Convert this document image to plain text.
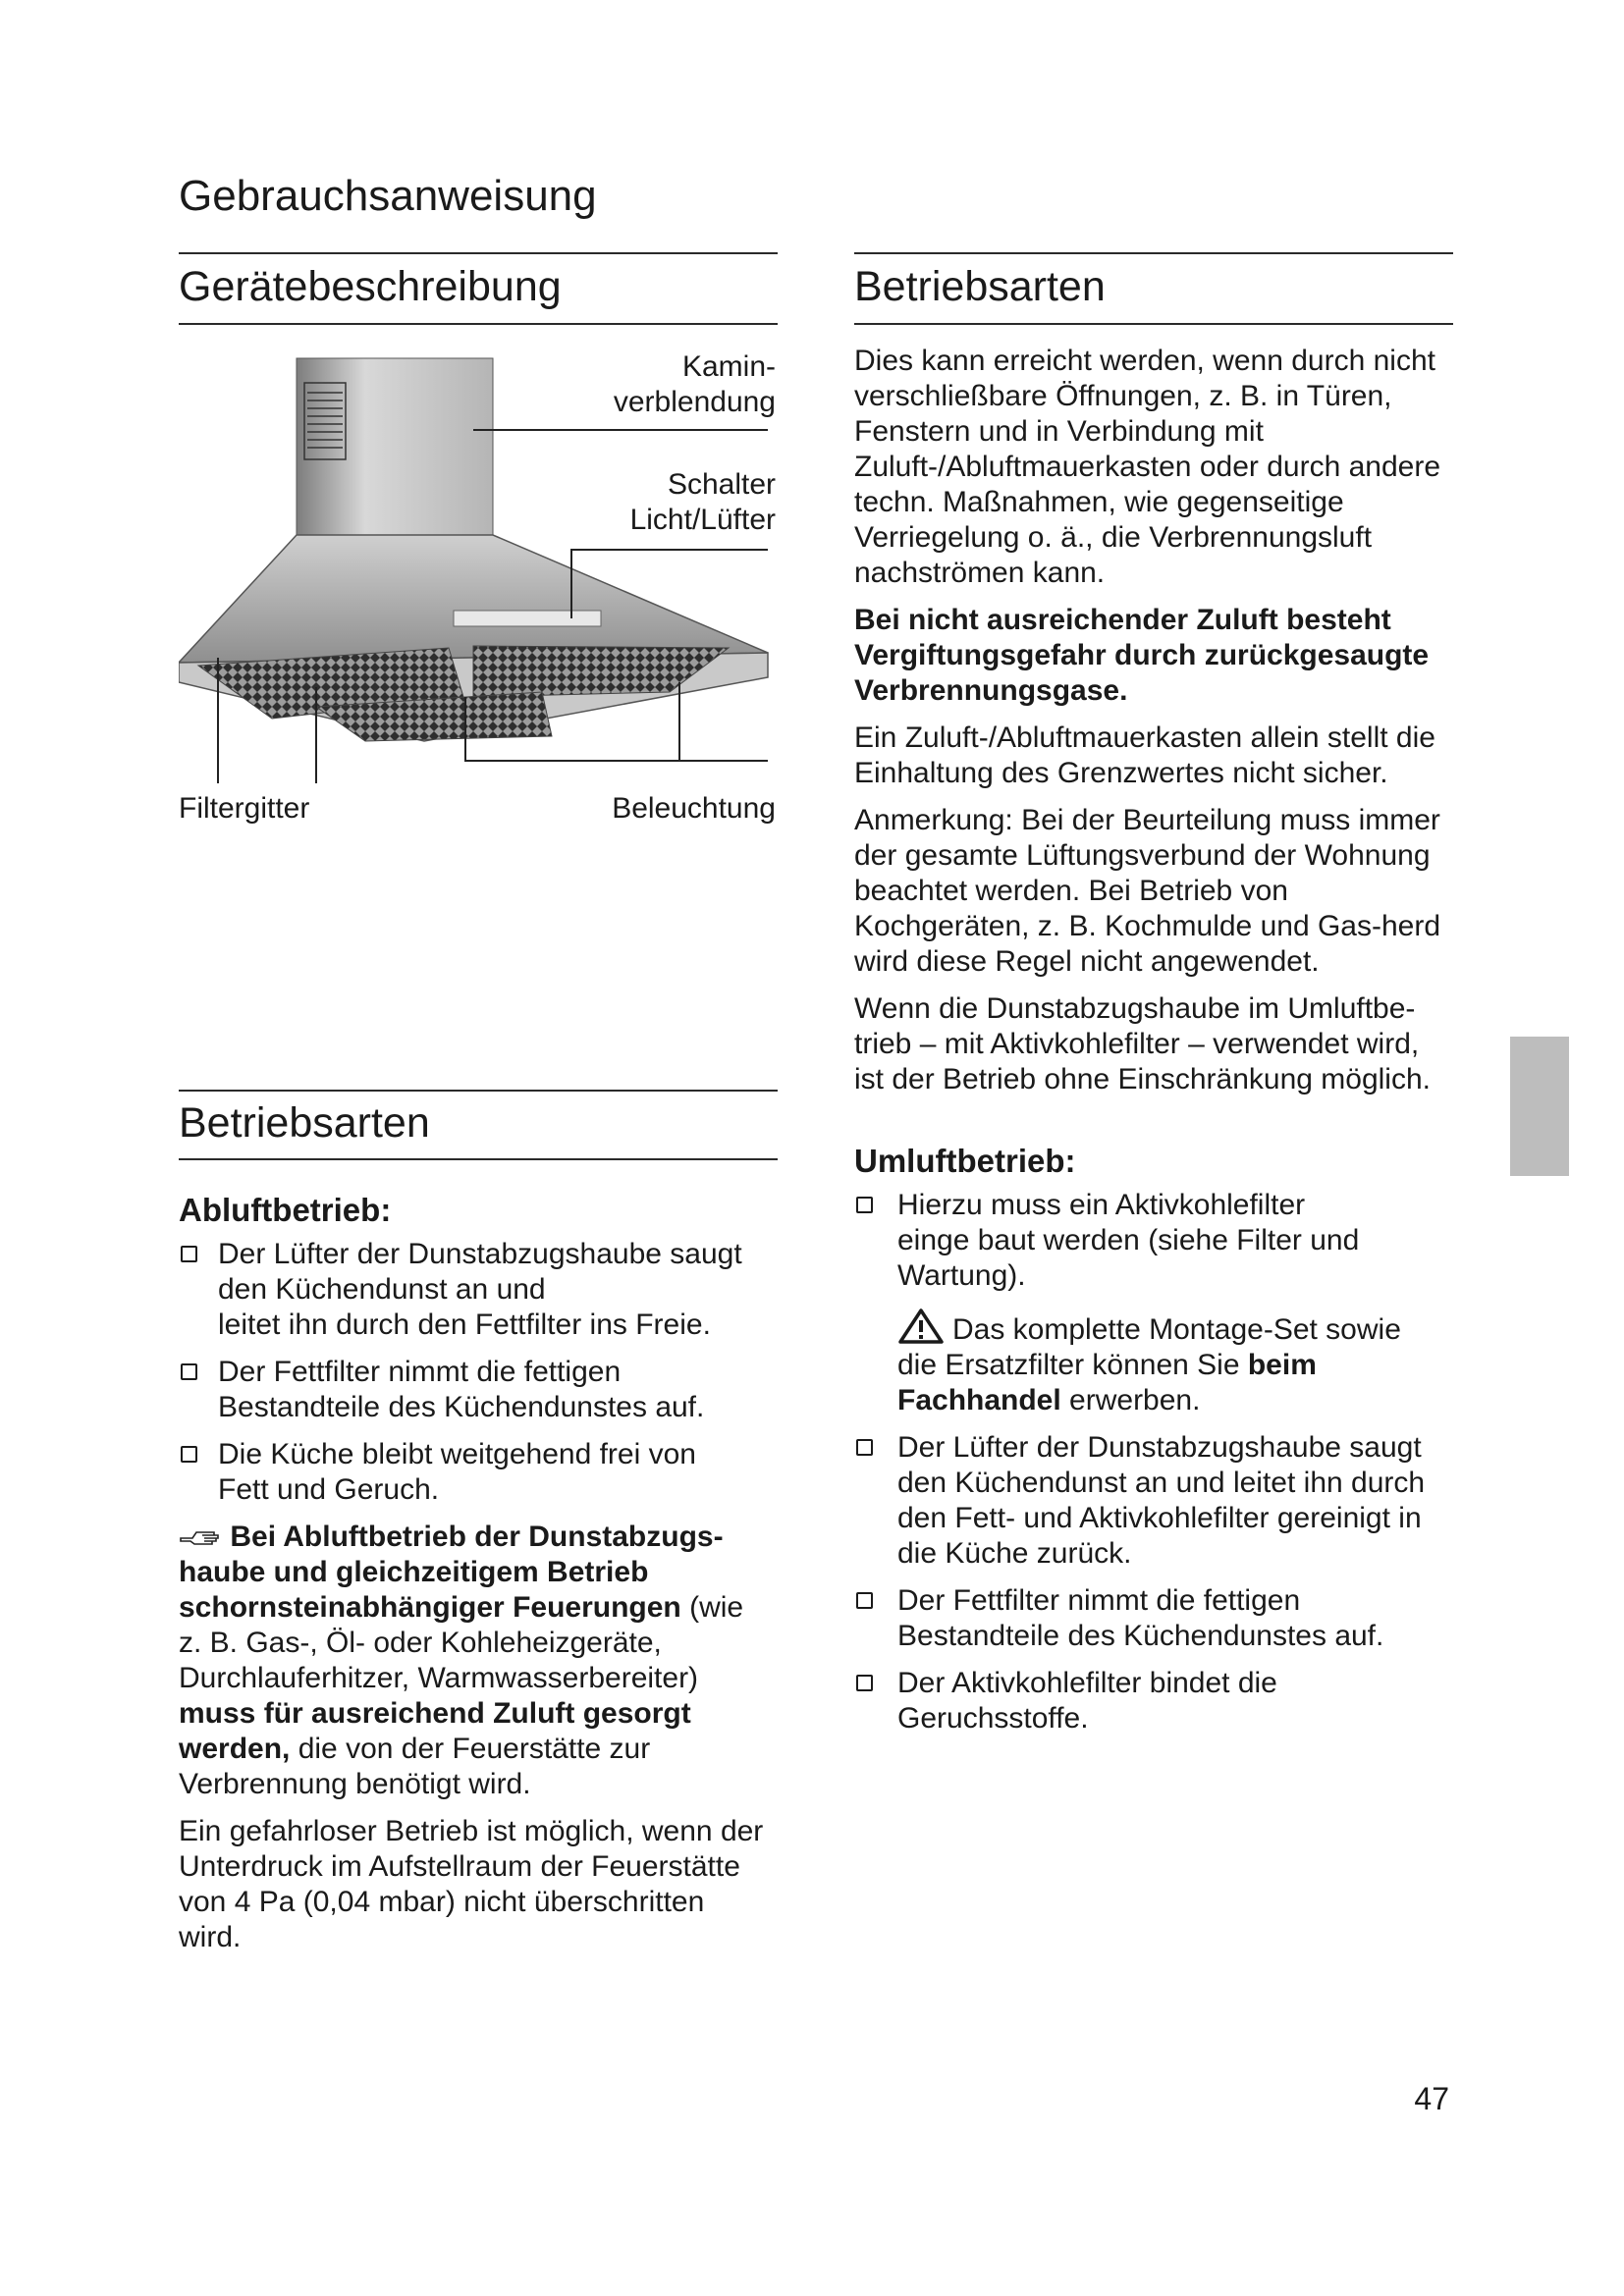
Gebrauchsanweisung
Gerätebeschreibung
Kamin-
verblendung
Schalter
Licht/Lüfter
Filtergitter	Beleuchtung
Betriebsarten
Abluftbetrieb:
Der Lüfter der Dunstabzugshaube saugt
den Küchendunst an und
leitet ihn durch den Fettfilter ins Freie.
Der Fettfilter nimmt die fettigen
Bestandteile des Küchendunstes auf.
Die Küche bleibt weitgehend frei von
Fett und Geruch.

Bei Abluftbetrieb der Dunstabzugs-haube und gleichzeitigem Betrieb schornsteinabhängiger Feuerungen (wie z. B. Gas-, Öl- oder Kohleheizgeräte, Durchlauferhitzer, Warmwasserbereiter) muss für ausreichend Zuluft gesorgt werden, die von der Feuerstätte zur Verbrennung benötigt wird.

Ein gefahrloser Betrieb ist möglich, wenn der Unterdruck im Aufstellraum der Feuerstätte von 4 Pa (0,04 mbar) nicht überschritten wird.

Betriebsarten

Dies kann erreicht werden, wenn durch nicht verschließbare Öffnungen, z. B. in Türen, Fenstern und in Verbindung mit Zuluft-/Abluftmauerkasten oder durch andere techn. Maßnahmen, wie gegenseitige Verriegelung o. ä., die Verbrennungsluft nachströmen kann.

Bei nicht ausreichender Zuluft besteht Vergiftungsgefahr durch zurückgesaugte Verbrennungsgase.

Ein Zuluft-/Abluftmauerkasten allein stellt die Einhaltung des Grenzwertes nicht sicher.

Anmerkung: Bei der Beurteilung muss immer der gesamte Lüftungsverbund der Wohnung beachtet werden. Bei Betrieb von Kochgeräten, z. B. Kochmulde und Gas-herd wird diese Regel nicht angewendet.

Wenn die Dunstabzugshaube im Umluftbe-trieb – mit Aktivkohlefilter – verwendet wird, ist der Betrieb ohne Einschränkung möglich.

Umluftbetrieb:
Hierzu muss ein Aktivkohlefilter
einge baut werden (siehe Filter und
Wartung).
Das komplette Montage-Set sowie
die Ersatzfilter können Sie beim
Fachhandel erwerben.
Der Lüfter der Dunstabzugshaube saugt
den Küchendunst an und leitet ihn durch
den Fett- und Aktivkohlefilter gereinigt in
die Küche zurück.
Der Fettfilter nimmt die fettigen
Bestandteile des Küchendunstes auf.
Der Aktivkohlefilter bindet die
Geruchsstoffe.
47
